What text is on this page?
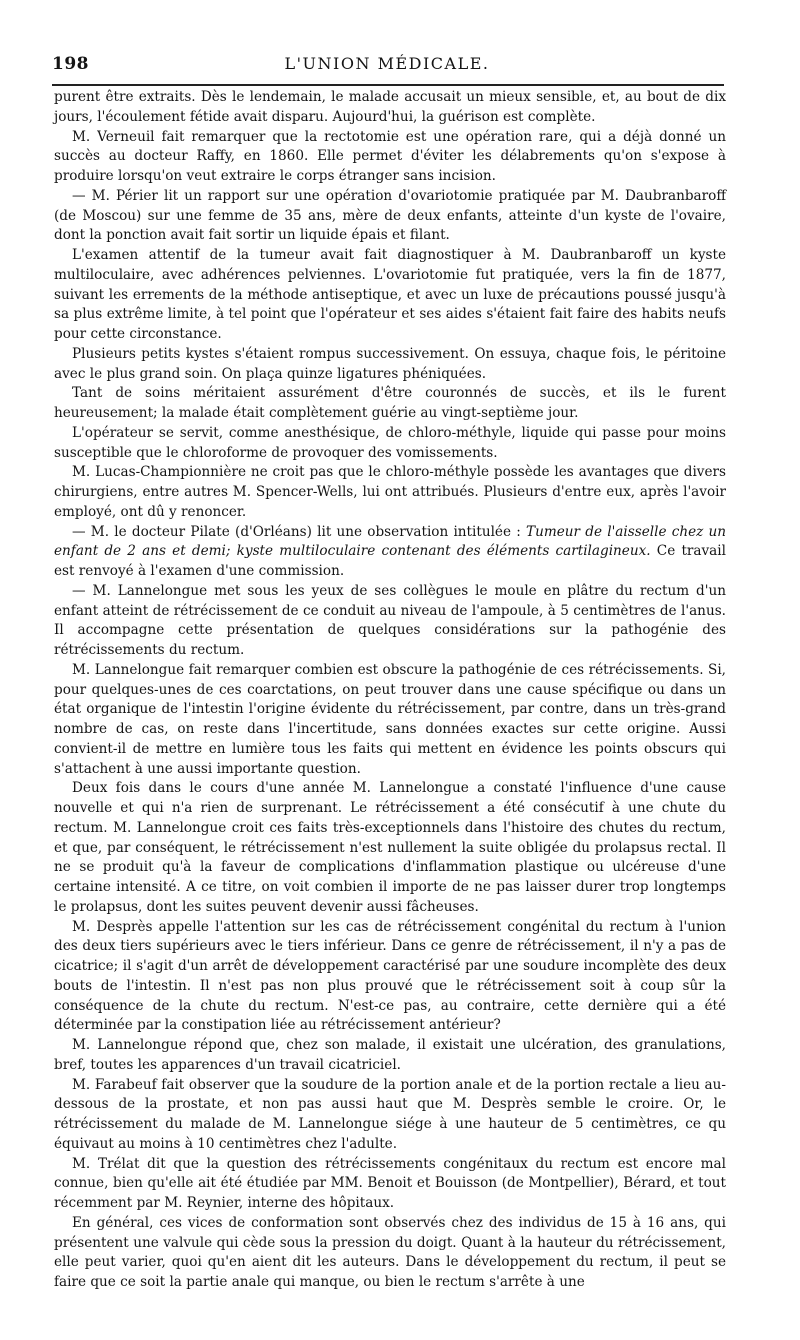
198	L'UNION MÉDICALE.

purent être extraits. Dès le lendemain, le malade accusait un mieux sensible, et, au bout de dix jours, l'écoulement fétide avait disparu. Aujourd'hui, la guérison est complète.

M. Verneuil fait remarquer que la rectotomie est une opération rare, qui a déjà donné un succès au docteur Raffy, en 1860. Elle permet d'éviter les délabrements qu'on s'expose à produire lorsqu'on veut extraire le corps étranger sans incision.

— M. Périer lit un rapport sur une opération d'ovariotomie pratiquée par M. Daubranbaroff (de Moscou) sur une femme de 35 ans, mère de deux enfants, atteinte d'un kyste de l'ovaire, dont la ponction avait fait sortir un liquide épais et filant.

L'examen attentif de la tumeur avait fait diagnostiquer à M. Daubranbaroff un kyste multiloculaire, avec adhérences pelviennes. L'ovariotomie fut pratiquée, vers la fin de 1877, suivant les errements de la méthode antiseptique, et avec un luxe de précautions poussé jusqu'à sa plus extrême limite, à tel point que l'opérateur et ses aides s'étaient fait faire des habits neufs pour cette circonstance.

Plusieurs petits kystes s'étaient rompus successivement. On essuya, chaque fois, le péritoine avec le plus grand soin. On plaça quinze ligatures phéniquées.

Tant de soins méritaient assurément d'être couronnés de succès, et ils le furent heureusement; la malade était complètement guérie au vingt-septième jour.

L'opérateur se servit, comme anesthésique, de chloro-méthyle, liquide qui passe pour moins susceptible que le chloroforme de provoquer des vomissements.

M. Lucas-Championnière ne croit pas que le chloro-méthyle possède les avantages que divers chirurgiens, entre autres M. Spencer-Wells, lui ont attribués. Plusieurs d'entre eux, après l'avoir employé, ont dû y renoncer.

— M. le docteur Pilate (d'Orléans) lit une observation intitulée : Tumeur de l'aisselle chez un enfant de 2 ans et demi; kyste multiloculaire contenant des éléments cartilagineux. Ce travail est renvoyé à l'examen d'une commission.

— M. Lannelongue met sous les yeux de ses collègues le moule en plâtre du rectum d'un enfant atteint de rétrécissement de ce conduit au niveau de l'ampoule, à 5 centimètres de l'anus. Il accompagne cette présentation de quelques considérations sur la pathogénie des rétrécissements du rectum.

M. Lannelongue fait remarquer combien est obscure la pathogénie de ces rétrécissements. Si, pour quelques-unes de ces coarctations, on peut trouver dans une cause spécifique ou dans un état organique de l'intestin l'origine évidente du rétrécissement, par contre, dans un très-grand nombre de cas, on reste dans l'incertitude, sans données exactes sur cette origine. Aussi convient-il de mettre en lumière tous les faits qui mettent en évidence les points obscurs qui s'attachent à une aussi importante question.

Deux fois dans le cours d'une année M. Lannelongue a constaté l'influence d'une cause nouvelle et qui n'a rien de surprenant. Le rétrécissement a été consécutif à une chute du rectum. M. Lannelongue croit ces faits très-exceptionnels dans l'histoire des chutes du rectum, et que, par conséquent, le rétrécissement n'est nullement la suite obligée du prolapsus rectal. Il ne se produit qu'à la faveur de complications d'inflammation plastique ou ulcéreuse d'une certaine intensité. A ce titre, on voit combien il importe de ne pas laisser durer trop longtemps le prolapsus, dont les suites peuvent devenir aussi fâcheuses.

M. Desprès appelle l'attention sur les cas de rétrécissement congénital du rectum à l'union des deux tiers supérieurs avec le tiers inférieur. Dans ce genre de rétrécissement, il n'y a pas de cicatrice; il s'agit d'un arrêt de développement caractérisé par une soudure incomplète des deux bouts de l'intestin. Il n'est pas non plus prouvé que le rétrécissement soit à coup sûr la conséquence de la chute du rectum. N'est-ce pas, au contraire, cette dernière qui a été déterminée par la constipation liée au rétrécissement antérieur?

M. Lannelongue répond que, chez son malade, il existait une ulcération, des granulations, bref, toutes les apparences d'un travail cicatriciel.

M. Farabeuf fait observer que la soudure de la portion anale et de la portion rectale a lieu au-dessous de la prostate, et non pas aussi haut que M. Desprès semble le croire. Or, le rétrécissement du malade de M. Lannelongue siége à une hauteur de 5 centimètres, ce qu équivaut au moins à 10 centimètres chez l'adulte.

M. Trélat dit que la question des rétrécissements congénitaux du rectum est encore mal connue, bien qu'elle ait été étudiée par MM. Benoit et Bouisson (de Montpellier), Bérard, et tout récemment par M. Reynier, interne des hôpitaux.

En général, ces vices de conformation sont observés chez des individus de 15 à 16 ans, qui présentent une valvule qui cède sous la pression du doigt. Quant à la hauteur du rétrécissement, elle peut varier, quoi qu'en aient dit les auteurs. Dans le développement du rectum, il peut se faire que ce soit la partie anale qui manque, ou bien le rectum s'arrête à une
